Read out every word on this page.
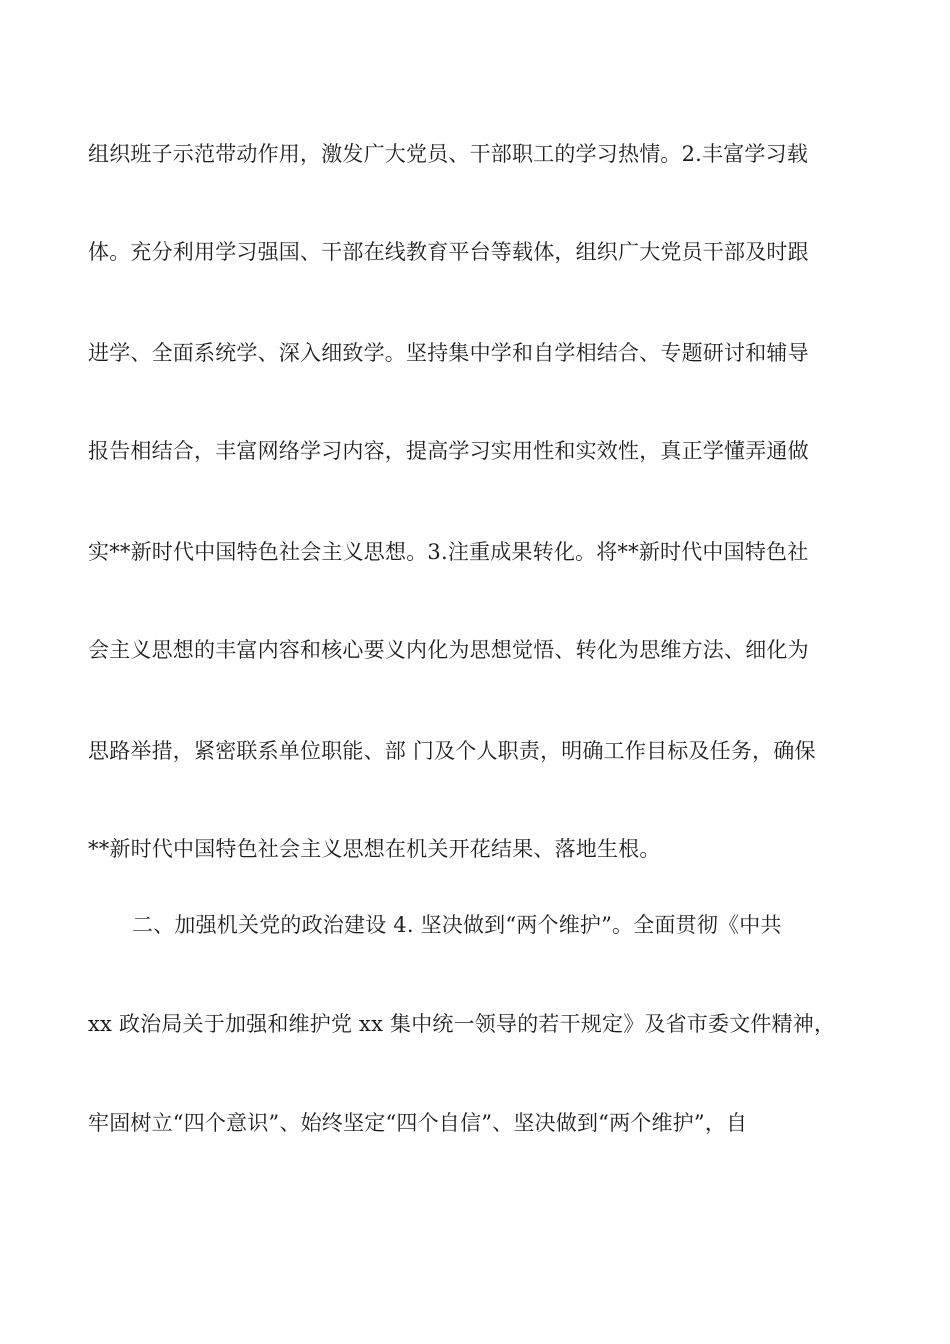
组织班子示范带动作用，激发广大党员、干部职工的学习热情。2.丰富学习载
体。充分利用学习强国、干部在线教育平台等载体，组织广大党员干部及时跟
进学、全面系统学、深入细致学。坚持集中学和自学相结合、专题研讨和辅导
报告相结合，丰富网络学习内容，提高学习实用性和实效性，真正学懂弄通做
实**新时代中国特色社会主义思想。3.注重成果转化。将**新时代中国特色社
会主义思想的丰富内容和核心要义内化为思想觉悟、转化为思维方法、细化为
思路举措，紧密联系单位职能、部 门及个人职责，明确工作目标及任务，确保
**新时代中国特色社会主义思想在机关开花结果、落地生根。
二、加强机关党的政治建设 4. 坚决做到“两个维护”。全面贯彻《中共
xx 政治局关于加强和维护党 xx 集中统一领导的若干规定》及省市委文件精神，
牢固树立“四个意识”、始终坚定“四个自信”、坚决做到“两个维护”，自
